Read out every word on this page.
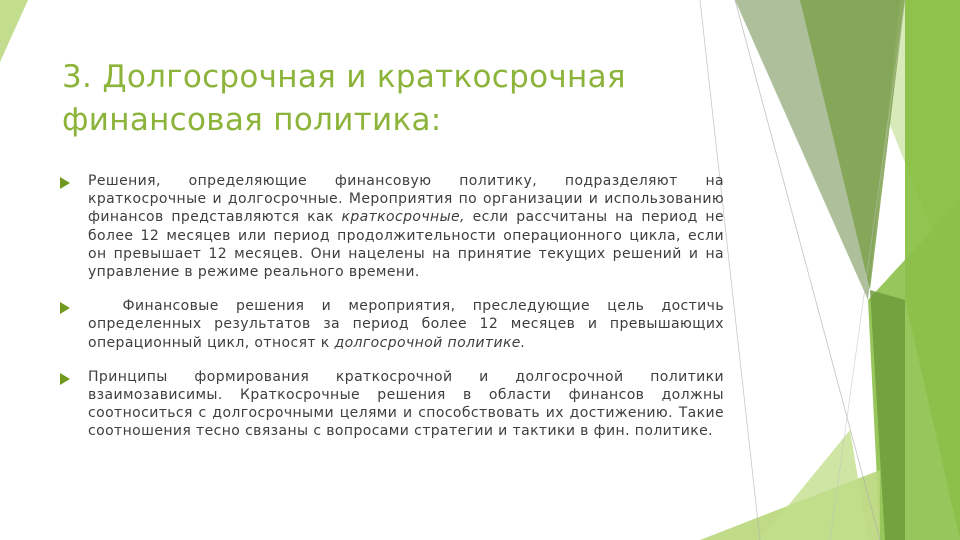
3. Долгосрочная и краткосрочная финансовая политика:
Решения, определяющие финансовую политику, подразделяют на краткосрочные и долгосрочные. Мероприятия по организации и использованию финансов представляются как краткосрочные, если рассчитаны на период не более 12 месяцев или период продолжительности операционного цикла, если он превышает 12 месяцев. Они нацелены на принятие текущих решений и на управление в режиме реального времени.
Финансовые решения и мероприятия, преследующие цель достичь определенных результатов за период более 12 месяцев и превышающих операционный цикл, относят к долгосрочной политике.
Принципы формирования краткосрочной и долгосрочной политики взаимозависимы. Краткосрочные решения в области финансов должны соотноситься с долгосрочными целями и способствовать их достижению. Такие соотношения тесно связаны с вопросами стратегии и тактики в фин. политике.
